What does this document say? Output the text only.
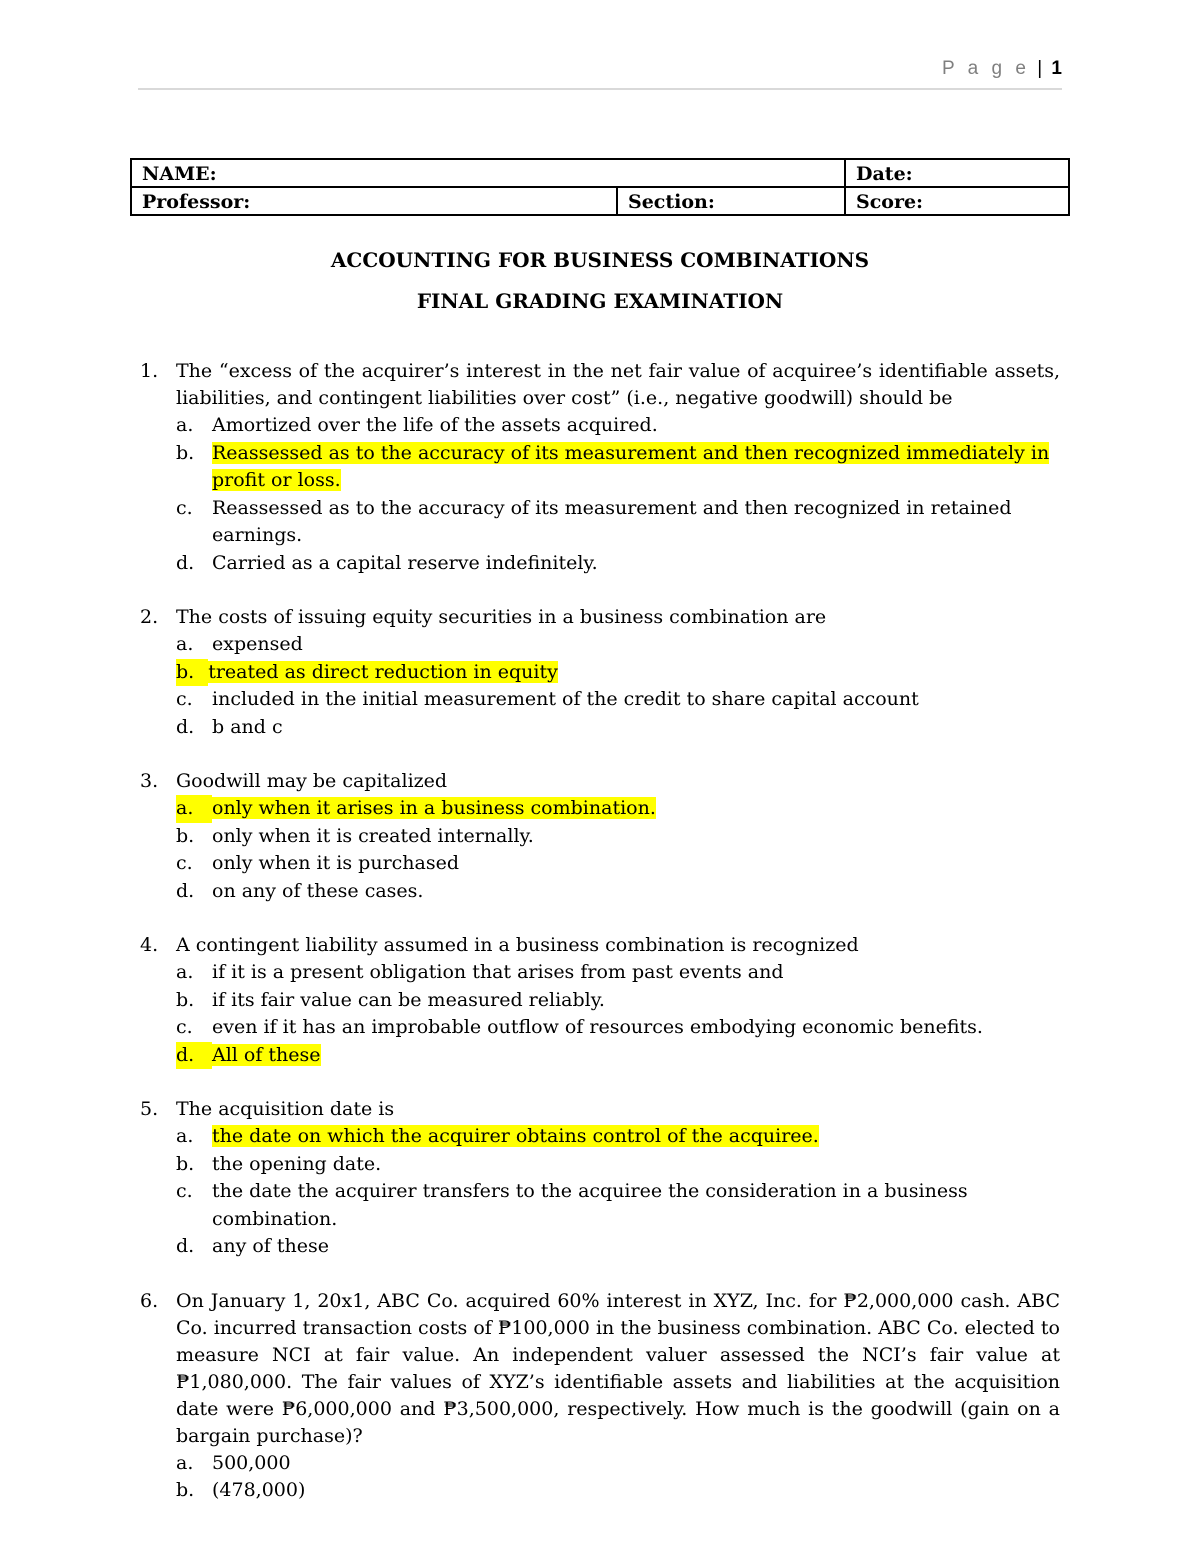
P a g e | 1
NAME:		Date:
Professor:	Section:	Score:
ACCOUNTING FOR BUSINESS COMBINATIONS
FINAL GRADING EXAMINATION
1. The “excess of the acquirer’s interest in the net fair value of acquiree’s identifiable assets, liabilities, and contingent liabilities over cost” (i.e., negative goodwill) should be
a. Amortized over the life of the assets acquired.
b. Reassessed as to the accuracy of its measurement and then recognized immediately in profit or loss.
c.	Reassessed as to the accuracy of its measurement and then recognized in retained earnings.
d. Carried as a capital reserve indefinitely.
2. The costs of issuing equity securities in a business combination are
a. expensed
b. treated as direct reduction in equity
c.	included in the initial measurement of the credit to share capital account
d. b and c
3. Goodwill may be capitalized
a. only when it arises in a business combination.
b. only when it is created internally.
c.	only when it is purchased
d. on any of these cases.
4. A contingent liability assumed in a business combination is recognized
a. if it is a present obligation that arises from past events and
b. if its fair value can be measured reliably.
c.	even if it has an improbable outflow of resources embodying economic benefits.
d. All of these
5. The acquisition date is
a. the date on which the acquirer obtains control of the acquiree.
b. the opening date.
c.	the date the acquirer transfers to the acquiree the consideration in a business combination.
d. any of these
6. On January 1, 20x1, ABC Co. acquired 60% interest in XYZ, Inc. for ₱2,000,000 cash. ABC Co. incurred transaction costs of ₱100,000 in the business combination. ABC Co. elected to measure NCI at fair value. An independent valuer assessed the NCI’s fair value at ₱1,080,000. The fair values of XYZ’s identifiable assets and liabilities at the acquisition date were ₱6,000,000 and ₱3,500,000, respectively. How much is the goodwill (gain on a bargain purchase)?
a. 500,000
b. (478,000)
